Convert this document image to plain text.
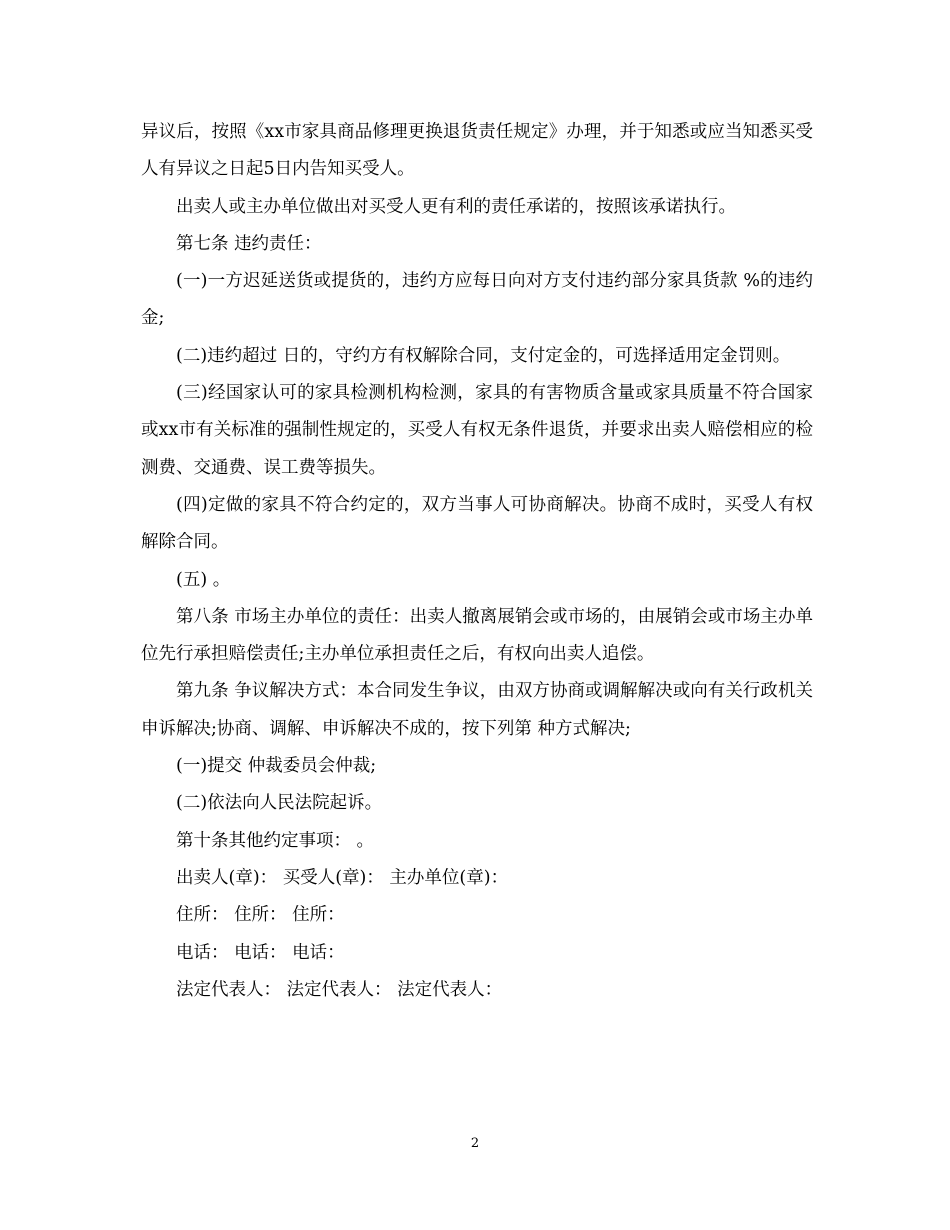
异议后，按照《xx市家具商品修理更换退货责任规定》办理，并于知悉或应当知悉买受人有异议之日起5日内告知买受人。

出卖人或主办单位做出对买受人更有利的责任承诺的，按照该承诺执行。

第七条 违约责任：

(一)一方迟延送货或提货的，违约方应每日向对方支付违约部分家具货款 %的违约金;

(二)违约超过 日的，守约方有权解除合同，支付定金的，可选择适用定金罚则。

(三)经国家认可的家具检测机构检测，家具的有害物质含量或家具质量不符合国家或xx市有关标准的强制性规定的，买受人有权无条件退货，并要求出卖人赔偿相应的检测费、交通费、误工费等损失。

(四)定做的家具不符合约定的，双方当事人可协商解决。协商不成时，买受人有权解除合同。

(五) 。

第八条 市场主办单位的责任：出卖人撤离展销会或市场的，由展销会或市场主办单位先行承担赔偿责任;主办单位承担责任之后，有权向出卖人追偿。

第九条 争议解决方式：本合同发生争议，由双方协商或调解解决或向有关行政机关申诉解决;协商、调解、申诉解决不成的，按下列第 种方式解决;

(一)提交 仲裁委员会仲裁;

(二)依法向人民法院起诉。

第十条其他约定事项： 。

出卖人(章)： 买受人(章)： 主办单位(章)：

住所： 住所： 住所：

电话： 电话： 电话：

法定代表人： 法定代表人： 法定代表人：

2
